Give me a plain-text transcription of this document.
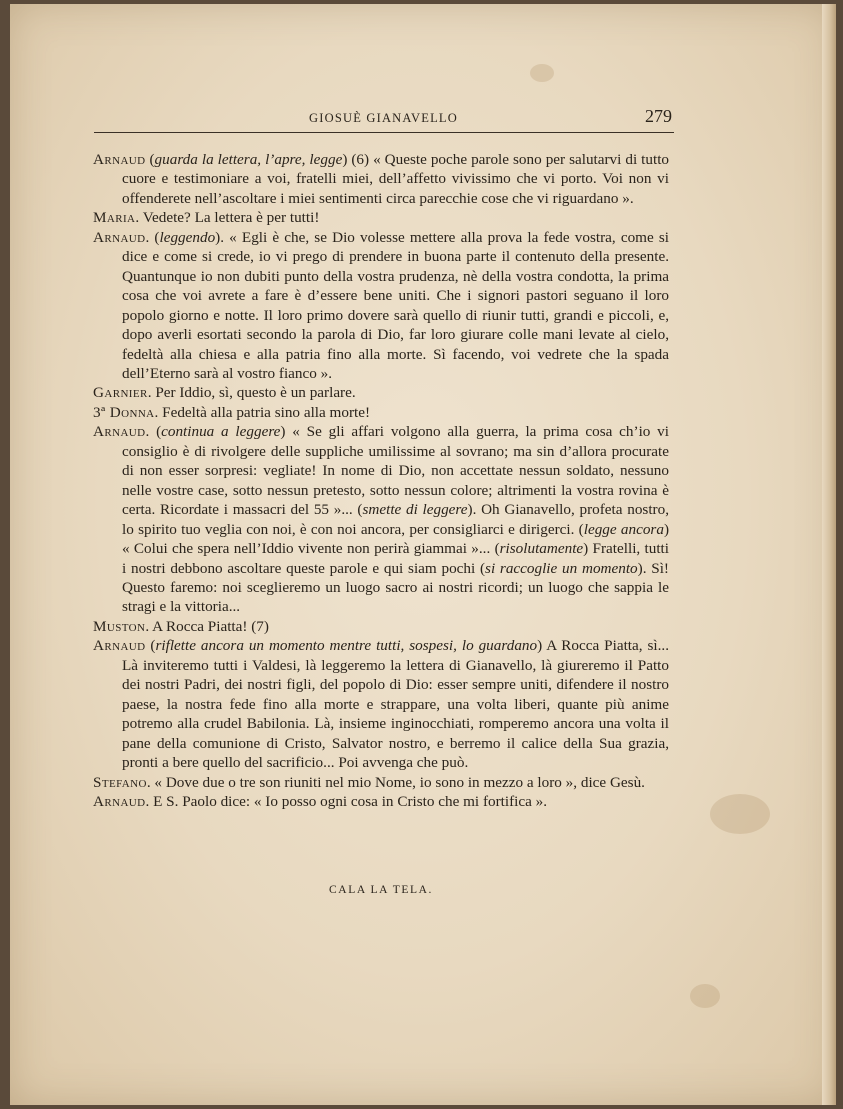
GIOSUÈ GIANAVELLO	279

Arnaud (guarda la lettera, l’apre, legge) (6) « Queste poche parole sono per salutarvi di tutto cuore e testimoniare a voi, fratelli miei, dell’affetto vivissimo che vi porto. Voi non vi offenderete nell’ascoltare i miei sentimenti circa parecchie cose che vi riguardano ».

Maria. Vedete? La lettera è per tutti!

Arnaud. (leggendo). « Egli è che, se Dio volesse mettere alla prova la fede vostra, come si dice e come si crede, io vi prego di prendere in buona parte il contenuto della presente. Quantunque io non dubiti punto della vostra prudenza, nè della vostra condotta, la prima cosa che voi avrete a fare è d’essere bene uniti. Che i signori pastori seguano il loro popolo giorno e notte. Il loro primo dovere sarà quello di riunir tutti, grandi e piccoli, e, dopo averli esortati secondo la parola di Dio, far loro giurare colle mani levate al cielo, fedeltà alla chiesa e alla patria fino alla morte. Sì facendo, voi vedrete che la spada dell’Eterno sarà al vostro fianco ».

Garnier. Per Iddio, sì, questo è un parlare.

3ª Donna. Fedeltà alla patria sino alla morte!

Arnaud. (continua a leggere) « Se gli affari volgono alla guerra, la prima cosa ch’io vi consiglio è di rivolgere delle suppliche umilissime al sovrano; ma sin d’allora procurate di non esser sorpresi: vegliate! In nome di Dio, non accettate nessun soldato, nessuno nelle vostre case, sotto nessun pretesto, sotto nessun colore; altrimenti la vostra rovina è certa. Ricordate i massacri del 55 »... (smette di leggere). Oh Gianavello, profeta nostro, lo spirito tuo veglia con noi, è con noi ancora, per consigliarci e dirigerci. (legge ancora) « Colui che spera nell’Iddio vivente non perirà giammai »... (risolutamente) Fratelli, tutti i nostri debbono ascoltare queste parole e qui siam pochi (si raccoglie un momento). Sì! Questo faremo: noi sceglieremo un luogo sacro ai nostri ricordi; un luogo che sappia le stragi e la vittoria...

Muston. A Rocca Piatta! (7)

Arnaud (riflette ancora un momento mentre tutti, sospesi, lo guardano) A Rocca Piatta, sì... Là inviteremo tutti i Valdesi, là leggeremo la lettera di Gianavello, là giureremo il Patto dei nostri Padri, dei nostri figli, del popolo di Dio: esser sempre uniti, difendere il nostro paese, la nostra fede fino alla morte e strappare, una volta liberi, quante più anime potremo alla crudel Babilonia. Là, insieme inginocchiati, romperemo ancora una volta il pane della comunione di Cristo, Salvator nostro, e berremo il calice della Sua grazia, pronti a bere quello del sacrificio... Poi avvenga che può.

Stefano. « Dove due o tre son riuniti nel mio Nome, io sono in mezzo a loro », dice Gesù.

Arnaud. E S. Paolo dice: « Io posso ogni cosa in Cristo che mi fortifica ».

CALA LA TELA.
